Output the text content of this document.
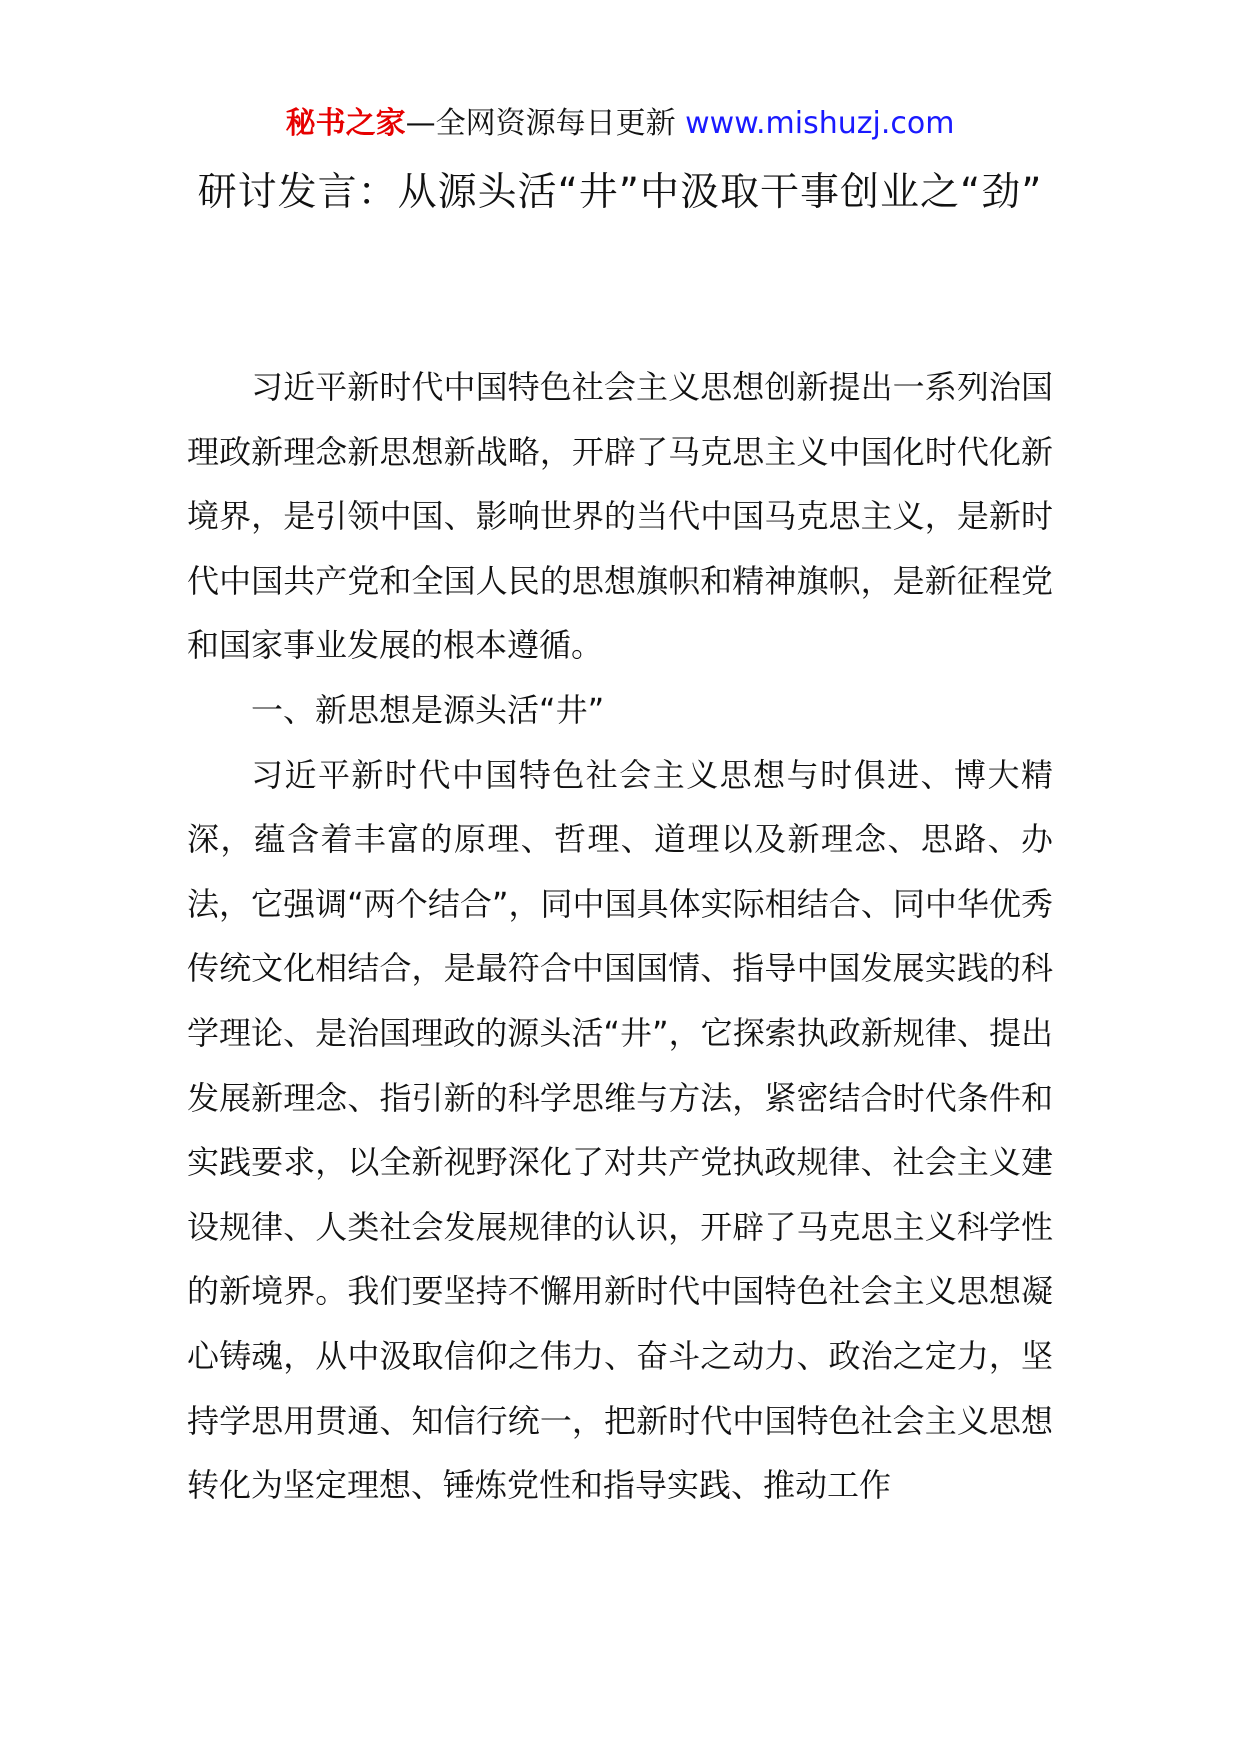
秘书之家—全网资源每日更新 www.mishuzj.com
研讨发言：从源头活“井”中汲取干事创业之“劲”

习近平新时代中国特色社会主义思想创新提出一系列治国理政新理念新思想新战略，开辟了马克思主义中国化时代化新境界，是引领中国、影响世界的当代中国马克思主义，是新时代中国共产党和全国人民的思想旗帜和精神旗帜，是新征程党和国家事业发展的根本遵循。

一、新思想是源头活“井”

习近平新时代中国特色社会主义思想与时俱进、博大精深，蕴含着丰富的原理、哲理、道理以及新理念、思路、办法，它强调“两个结合”，同中国具体实际相结合、同中华优秀传统文化相结合，是最符合中国国情、指导中国发展实践的科学理论、是治国理政的源头活“井”，它探索执政新规律、提出发展新理念、指引新的科学思维与方法，紧密结合时代条件和实践要求，以全新视野深化了对共产党执政规律、社会主义建设规律、人类社会发展规律的认识，开辟了马克思主义科学性的新境界。我们要坚持不懈用新时代中国特色社会主义思想凝心铸魂，从中汲取信仰之伟力、奋斗之动力、政治之定力，坚持学思用贯通、知信行统一，把新时代中国特色社会主义思想转化为坚定理想、锤炼党性和指导实践、推动工作
